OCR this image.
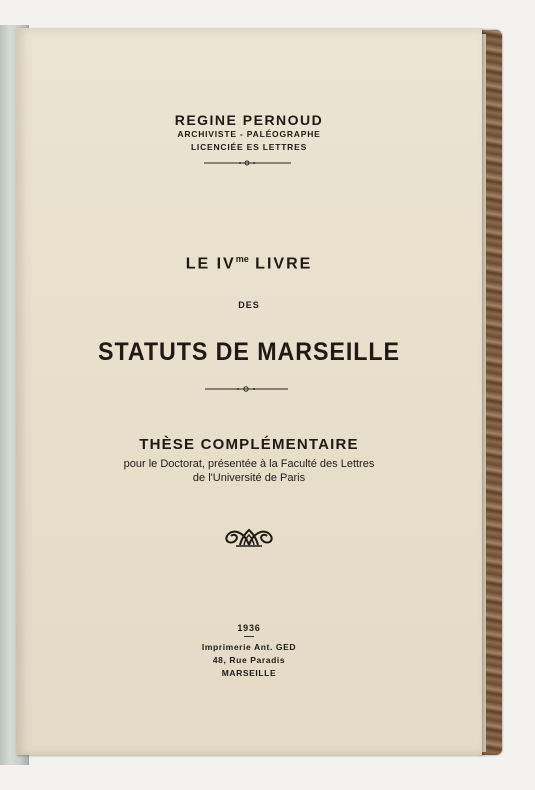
REGINE PERNOUD
ARCHIVISTE - PALÉOGRAPHE
LICENCIÉE ES LETTRES
LE $IV^{me}$ LIVRE
DES
STATUTS DE MARSEILLE
THÈSE COMPLÉMENTAIRE
pour le Doctorat, présentée à la Faculté des Lettres
de l'Université de Paris
1936
Imprimerie Ant. GED
48, Rue Paradis
MARSEILLE
